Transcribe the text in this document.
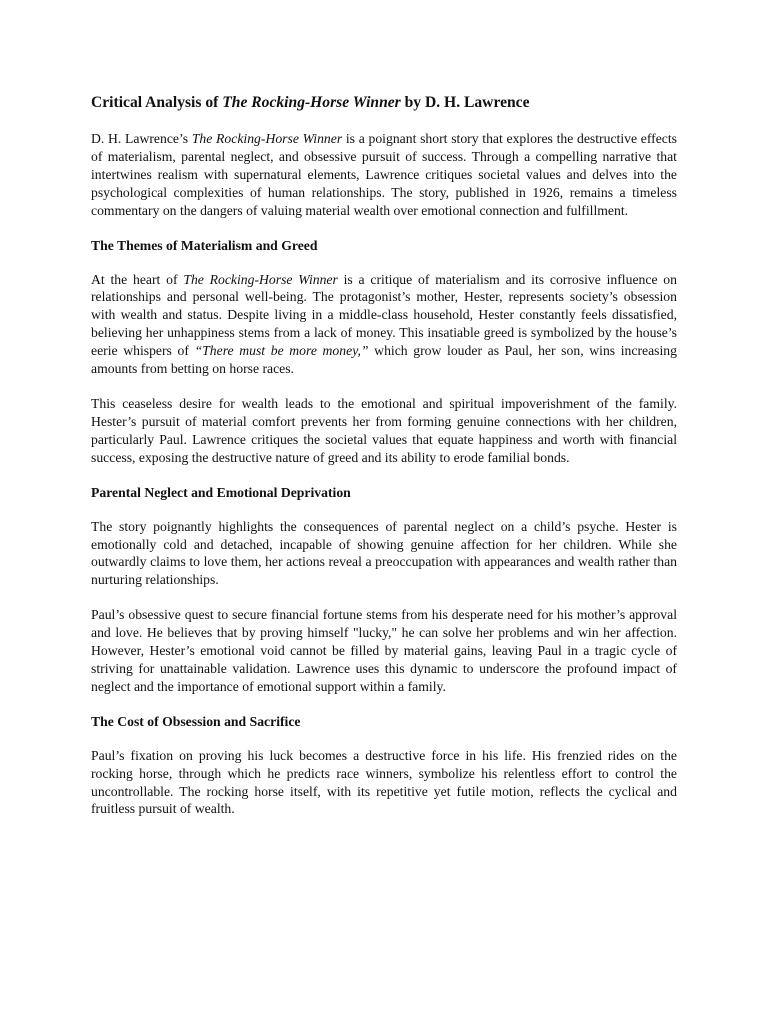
Critical Analysis of The Rocking-Horse Winner by D. H. Lawrence

D. H. Lawrence’s The Rocking-Horse Winner is a poignant short story that explores the destructive effects of materialism, parental neglect, and obsessive pursuit of success. Through a compelling narrative that intertwines realism with supernatural elements, Lawrence critiques societal values and delves into the psychological complexities of human relationships. The story, published in 1926, remains a timeless commentary on the dangers of valuing material wealth over emotional connection and fulfillment.

The Themes of Materialism and Greed

At the heart of The Rocking-Horse Winner is a critique of materialism and its corrosive influence on relationships and personal well-being. The protagonist’s mother, Hester, represents society’s obsession with wealth and status. Despite living in a middle-class household, Hester constantly feels dissatisfied, believing her unhappiness stems from a lack of money. This insatiable greed is symbolized by the house’s eerie whispers of “There must be more money,” which grow louder as Paul, her son, wins increasing amounts from betting on horse races.

This ceaseless desire for wealth leads to the emotional and spiritual impoverishment of the family. Hester’s pursuit of material comfort prevents her from forming genuine connections with her children, particularly Paul. Lawrence critiques the societal values that equate happiness and worth with financial success, exposing the destructive nature of greed and its ability to erode familial bonds.

Parental Neglect and Emotional Deprivation

The story poignantly highlights the consequences of parental neglect on a child’s psyche. Hester is emotionally cold and detached, incapable of showing genuine affection for her children. While she outwardly claims to love them, her actions reveal a preoccupation with appearances and wealth rather than nurturing relationships.

Paul’s obsessive quest to secure financial fortune stems from his desperate need for his mother’s approval and love. He believes that by proving himself "lucky," he can solve her problems and win her affection. However, Hester’s emotional void cannot be filled by material gains, leaving Paul in a tragic cycle of striving for unattainable validation. Lawrence uses this dynamic to underscore the profound impact of neglect and the importance of emotional support within a family.

The Cost of Obsession and Sacrifice

Paul’s fixation on proving his luck becomes a destructive force in his life. His frenzied rides on the rocking horse, through which he predicts race winners, symbolize his relentless effort to control the uncontrollable. The rocking horse itself, with its repetitive yet futile motion, reflects the cyclical and fruitless pursuit of wealth.
